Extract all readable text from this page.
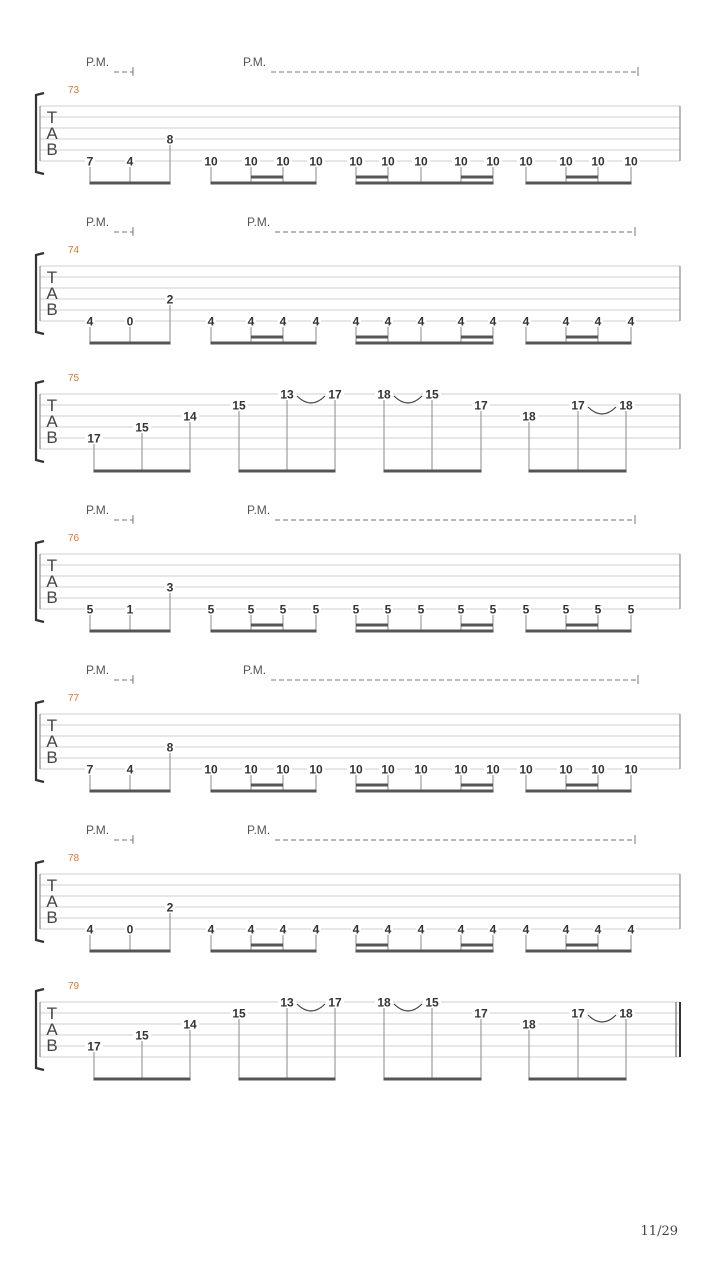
T
A
B
73
P.M.	P.M.
7	4
8
10 10 10 10 10 10 10 10 10 10 10 10 10
T
A
B
74
P.M.	P.M.
4	0
2
4	4 4 4	4 4 4	4 4 4	4 4 4
T
A
B
75
17
15
14
15
13	17	18	15
17
18
17	18
T
A
B
76
P.M.	P.M.
5	1
3
5	5 5 5	5 5 5	5 5 5	5 5 5
T
A
B
77
P.M.	P.M.
7	4
8
10 10 10 10 10 10 10 10 10 10 10 10 10
T
A
B
78
P.M.	P.M.
4	0
2
4	4 4 4	4 4 4	4 4 4	4 4 4
T
A
B
79
17
15
14
15
13	17	18	15
17
18
17	18
11/29
